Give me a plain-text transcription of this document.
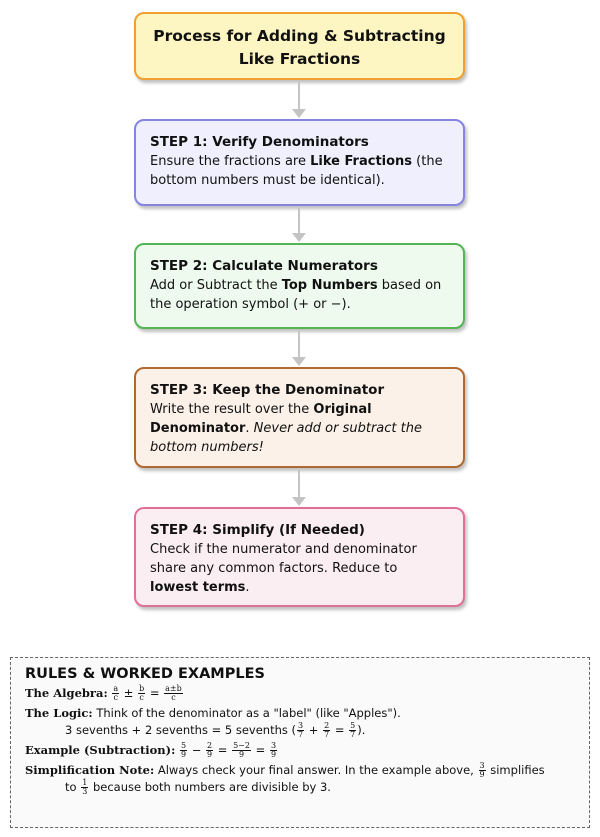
Process for Adding & Subtracting
Like Fractions
STEP 1: Verify Denominators
Ensure the fractions are Like Fractions (the bottom numbers must be identical).
STEP 2: Calculate Numerators
Add or Subtract the Top Numbers based on the operation symbol (+ or −).
STEP 3: Keep the Denominator
Write the result over the Original Denominator. Never add or subtract the bottom numbers!
STEP 4: Simplify (If Needed)
Check if the numerator and denominator share any common factors. Reduce to lowest terms.
RULES & WORKED EXAMPLES
The Algebra: $\frac{a}{c} \pm \frac{b}{c} = \frac{a\pm b}{c}$
The Logic: Think of the denominator as a "label" (like "Apples").
3 sevenths + 2 sevenths = 5 sevenths ( $\frac{3}{7} + \frac{2}{7} = \frac{5}{7}$ ).
Example (Subtraction): $\frac{5}{9} - \frac{2}{9} = \frac{5-2}{9} = \frac{3}{9}$
Simplification Note: Always check your final answer. In the example above, $\frac{3}{9}$ simplifies
to $\frac{1}{3}$ because both numbers are divisible by 3.
